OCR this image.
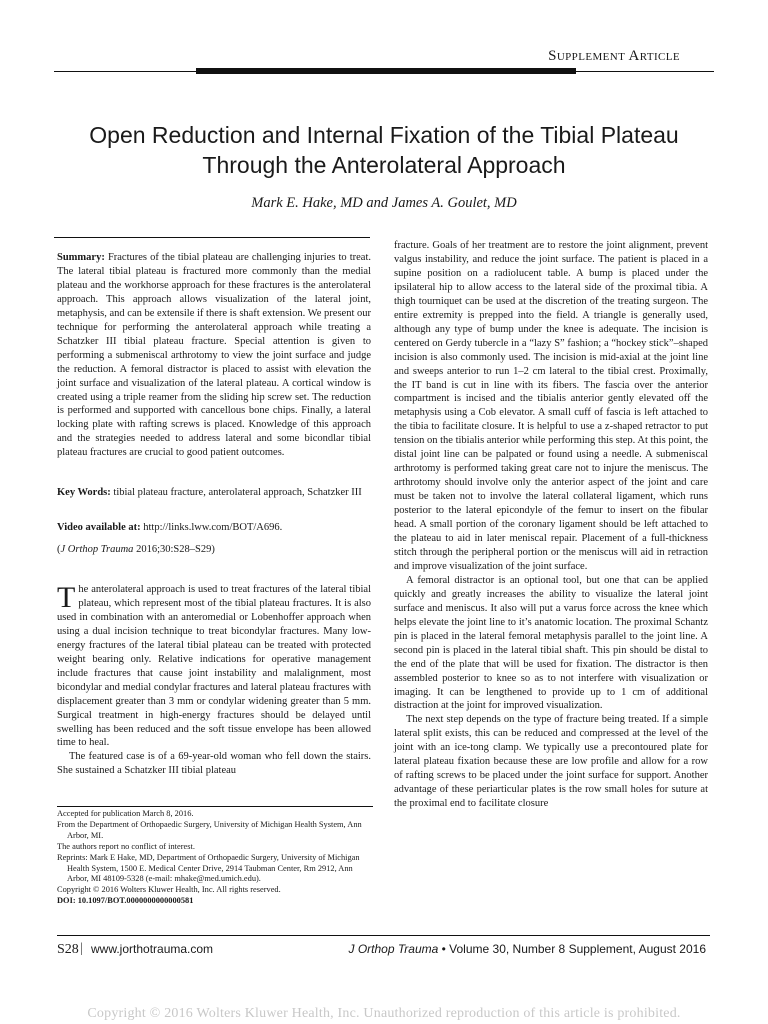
Supplement Article
Open Reduction and Internal Fixation of the Tibial Plateau
Through the Anterolateral Approach
Mark E. Hake, MD and James A. Goulet, MD
Summary: Fractures of the tibial plateau are challenging injuries to treat. The lateral tibial plateau is fractured more commonly than the medial plateau and the workhorse approach for these fractures is the anterolateral approach. This approach allows visualization of the lateral joint, metaphysis, and can be extensile if there is shaft extension. We present our technique for performing the anterolateral approach while treating a Schatzker III tibial plateau fracture. Special attention is given to performing a submeniscal arthrotomy to view the joint surface and judge the reduction. A femoral distractor is placed to assist with elevation the joint surface and visualization of the lateral plateau. A cortical window is created using a triple reamer from the sliding hip screw set. The reduction is performed and supported with cancellous bone chips. Finally, a lateral locking plate with rafting screws is placed. Knowledge of this approach and the strategies needed to address lateral and some bicondlar tibial plateau fractures are crucial to good patient outcomes.
Key Words: tibial plateau fracture, anterolateral approach, Schatzker III
Video available at: http://links.lww.com/BOT/A696.
(J Orthop Trauma 2016;30:S28–S29)
The anterolateral approach is used to treat fractures of the lateral tibial plateau, which represent most of the tibial plateau fractures. It is also used in combination with an anteromedial or Lobenhoffer approach when using a dual incision technique to treat bicondylar fractures. Many low-energy fractures of the lateral tibial plateau can be treated with protected weight bearing only. Relative indications for operative management include fractures that cause joint instability and malalignment, most bicondylar and medial condylar fractures and lateral plateau fractures with displacement greater than 3 mm or condylar widening greater than 5 mm. Surgical treatment in high-energy fractures should be delayed until swelling has been reduced and the soft tissue envelope has been allowed time to heal.
The featured case is of a 69-year-old woman who fell down the stairs. She sustained a Schatzker III tibial plateau

Accepted for publication March 8, 2016.

From the Department of Orthopaedic Surgery, University of Michigan Health System, Ann Arbor, MI.

The authors report no conflict of interest.

Reprints: Mark E Hake, MD, Department of Orthopaedic Surgery, University of Michigan Health System, 1500 E. Medical Center Drive, 2914 Taubman Center, Rm 2912, Ann Arbor, MI 48109-5328 (e-mail: mhake@med.umich.edu).

Copyright © 2016 Wolters Kluwer Health, Inc. All rights reserved.

DOI: 10.1097/BOT.0000000000000581

fracture. Goals of her treatment are to restore the joint alignment, prevent valgus instability, and reduce the joint surface. The patient is placed in a supine position on a radiolucent table. A bump is placed under the ipsilateral hip to allow access to the lateral side of the proximal tibia. A thigh tourniquet can be used at the discretion of the treating surgeon. The entire extremity is prepped into the field. A triangle is generally used, although any type of bump under the knee is adequate. The incision is centered on Gerdy tubercle in a “lazy S” fashion; a “hockey stick”–shaped incision is also commonly used. The incision is mid-axial at the joint line and sweeps anterior to run 1–2 cm lateral to the tibial crest. Proximally, the IT band is cut in line with its fibers. The fascia over the anterior compartment is incised and the tibialis anterior gently elevated off the metaphysis using a Cob elevator. A small cuff of fascia is left attached to the tibia to facilitate closure. It is helpful to use a z-shaped retractor to put tension on the tibialis anterior while performing this step. At this point, the distal joint line can be palpated or found using a needle. A submeniscal arthrotomy is performed taking great care not to injure the meniscus. The arthrotomy should involve only the anterior aspect of the joint and care must be taken not to involve the lateral collateral ligament, which runs posterior to the lateral epicondyle of the femur to insert on the fibular head. A small portion of the coronary ligament should be left attached to the plateau to aid in later meniscal repair. Placement of a full-thickness stitch through the peripheral portion or the meniscus will aid in retraction and improve visualization of the joint surface.
A femoral distractor is an optional tool, but one that can be applied quickly and greatly increases the ability to visualize the lateral joint surface and meniscus. It also will put a varus force across the knee which helps elevate the joint line to it’s anatomic location. The proximal Schantz pin is placed in the lateral femoral metaphysis parallel to the joint line. A second pin is placed in the lateral tibial shaft. This pin should be distal to the end of the plate that will be used for fixation. The distractor is then assembled posterior to knee so as to not interfere with visualization or imaging. It can be lengthened to provide up to 1 cm of additional distraction at the joint for improved visualization.
The next step depends on the type of fracture being treated. If a simple lateral split exists, this can be reduced and compressed at the level of the joint with an ice-tong clamp. We typically use a precontoured plate for lateral plateau fixation because these are low profile and allow for a row of rafting screws to be placed under the joint surface for support. Another advantage of these periarticular plates is the row small holes for suture at the proximal end to facilitate closure
S28 | www.jorthotrauma.com	J Orthop Trauma • Volume 30, Number 8 Supplement, August 2016
Copyright © 2016 Wolters Kluwer Health, Inc. Unauthorized reproduction of this article is prohibited.
